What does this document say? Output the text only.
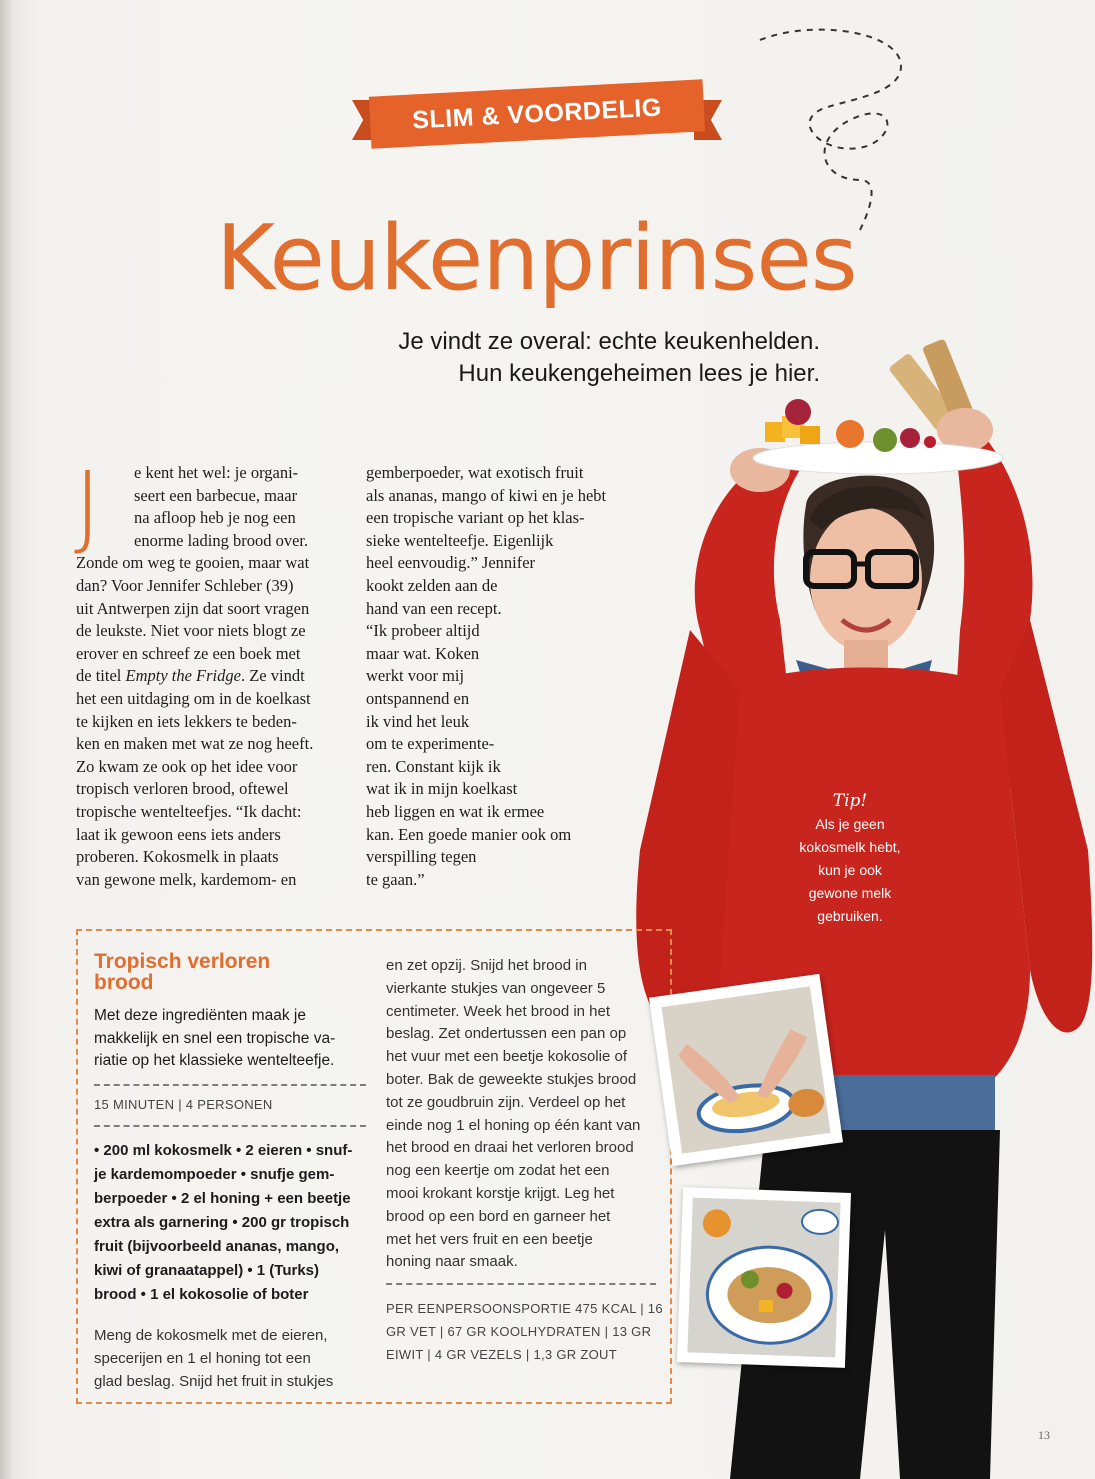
SLIM & VOORDELIG
Keukenprinses
Je vindt ze overal: echte keukenhelden.
Hun keukengeheimen lees je hier.
J	e kent het wel: je organi-
seert een barbecue, maar
na afloop heb je nog een
enorme lading brood over.
Zonde om weg te gooien, maar wat
dan? Voor Jennifer Schleber (39)
uit Antwerpen zijn dat soort vragen
de leukste. Niet voor niets blogt ze
erover en schreef ze een boek met
de titel Empty the Fridge. Ze vindt
het een uitdaging om in de koelkast
te kijken en iets lekkers te beden-
ken en maken met wat ze nog heeft.
Zo kwam ze ook op het idee voor
tropisch verloren brood, oftewel
tropische wentelteefjes. “Ik dacht:
laat ik gewoon eens iets anders
proberen. Kokosmelk in plaats
van gewone melk, kardemom- en
gemberpoeder, wat exotisch fruit
als ananas, mango of kiwi en je hebt
een tropische variant op het klas-
sieke wentelteefje. Eigenlijk
heel eenvoudig.” Jennifer
kookt zelden aan de
hand van een recept.
“Ik probeer altijd
maar wat. Koken
werkt voor mij
ontspannend en
ik vind het leuk
om te experimente-
ren. Constant kijk ik
wat ik in mijn koelkast
heb liggen en wat ik ermee
kan. Een goede manier ook om
verspilling tegen
te gaan.”
Tip!
Als je geen
kokosmelk hebt,
kun je ook
gewone melk
gebruiken.
Tropisch verloren
brood
Met deze ingrediënten maak je
makkelijk en snel een tropische va-
riatie op het klassieke wentelteefje.
15 MINUTEN | 4 PERSONEN
• 200 ml kokosmelk • 2 eieren • snuf-
je kardemompoeder • snufje gem-
berpoeder • 2 el honing + een beetje
extra als garnering • 200 gr tropisch
fruit (bijvoorbeeld ananas, mango,
kiwi of granaatappel) • 1 (Turks)
brood • 1 el kokosolie of boter
Meng de kokosmelk met de eieren,
specerijen en 1 el honing tot een
glad beslag. Snijd het fruit in stukjes
en zet opzij. Snijd het brood in
vierkante stukjes van ongeveer 5
centimeter. Week het brood in het
beslag. Zet ondertussen een pan op
het vuur met een beetje kokosolie of
boter. Bak de geweekte stukjes brood
tot ze goudbruin zijn. Verdeel op het
einde nog 1 el honing op één kant van
het brood en draai het verloren brood
nog een keertje om zodat het een
mooi krokant korstje krijgt. Leg het
brood op een bord en garneer het
met het vers fruit en een beetje
honing naar smaak.
PER EENPERSOONSPORTIE 475 KCAL | 16
GR VET | 67 GR KOOLHYDRATEN | 13 GR
EIWIT | 4 GR VEZELS | 1,3 GR ZOUT
13
